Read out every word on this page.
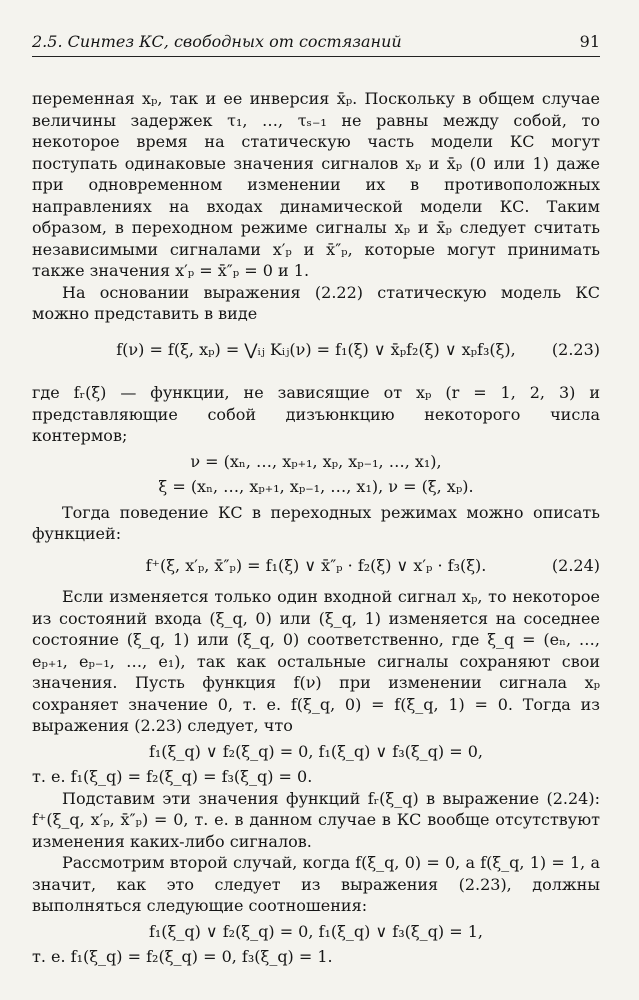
2.5. Синтез КС, свободных от состязаний	91

переменная xₚ, так и ее инверсия x̄ₚ. Поскольку в общем случае величины задержек τ₁, …, τₛ₋₁ не равны между собой, то некоторое время на статическую часть модели КС могут поступать одинаковые значения сигналов xₚ и x̄ₚ (0 или 1) даже при одновременном изменении их в противоположных направлениях на входах динамической модели КС. Таким образом, в переходном режиме сигналы xₚ и x̄ₚ следует считать независимыми сигналами x′ₚ и x̄″ₚ, которые могут принимать также значения x′ₚ = x̄″ₚ = 0 и 1.

На основании выражения (2.22) статическую модель КС можно представить в виде

f(ν) = f(ξ, xₚ) = ⋁ᵢⱼ Kᵢⱼ(ν) = f₁(ξ) ∨ x̄ₚf₂(ξ) ∨ xₚf₃(ξ), (2.23)

где fᵣ(ξ) — функции, не зависящие от xₚ (r = 1, 2, 3) и представляющие собой дизъюнкцию некоторого числа контермов;

ν = (xₙ, …, xₚ₊₁, xₚ, xₚ₋₁, …, x₁),
ξ = (xₙ, …, xₚ₊₁, xₚ₋₁, …, x₁), ν = (ξ, xₚ).

Тогда поведение КС в переходных режимах можно описать функцией:

f⁺(ξ, x′ₚ, x̄″ₚ) = f₁(ξ) ∨ x̄″ₚ · f₂(ξ) ∨ x′ₚ · f₃(ξ).	(2.24)

Если изменяется только один входной сигнал xₚ, то некоторое из состояний входа (ξ_q, 0) или (ξ_q, 1) изменяется на соседнее состояние (ξ_q, 1) или (ξ_q, 0) соответственно, где ξ_q = (eₙ, …, eₚ₊₁, eₚ₋₁, …, e₁), так как остальные сигналы сохраняют свои значения. Пусть функция f(ν) при изменении сигнала xₚ сохраняет значение 0, т. е. f(ξ_q, 0) = f(ξ_q, 1) = 0. Тогда из выражения (2.23) следует, что

f₁(ξ_q) ∨ f₂(ξ_q) = 0, f₁(ξ_q) ∨ f₃(ξ_q) = 0,

т. е. f₁(ξ_q) = f₂(ξ_q) = f₃(ξ_q) = 0.

Подставим эти значения функций fᵣ(ξ_q) в выражение (2.24): f⁺(ξ_q, x′ₚ, x̄″ₚ) = 0, т. е. в данном случае в КС вообще отсутствуют изменения каких-либо сигналов.

Рассмотрим второй случай, когда f(ξ_q, 0) = 0, а f(ξ_q, 1) = 1, а значит, как это следует из выражения (2.23), должны выполняться следующие соотношения:

f₁(ξ_q) ∨ f₂(ξ_q) = 0, f₁(ξ_q) ∨ f₃(ξ_q) = 1,

т. е. f₁(ξ_q) = f₂(ξ_q) = 0, f₃(ξ_q) = 1.
